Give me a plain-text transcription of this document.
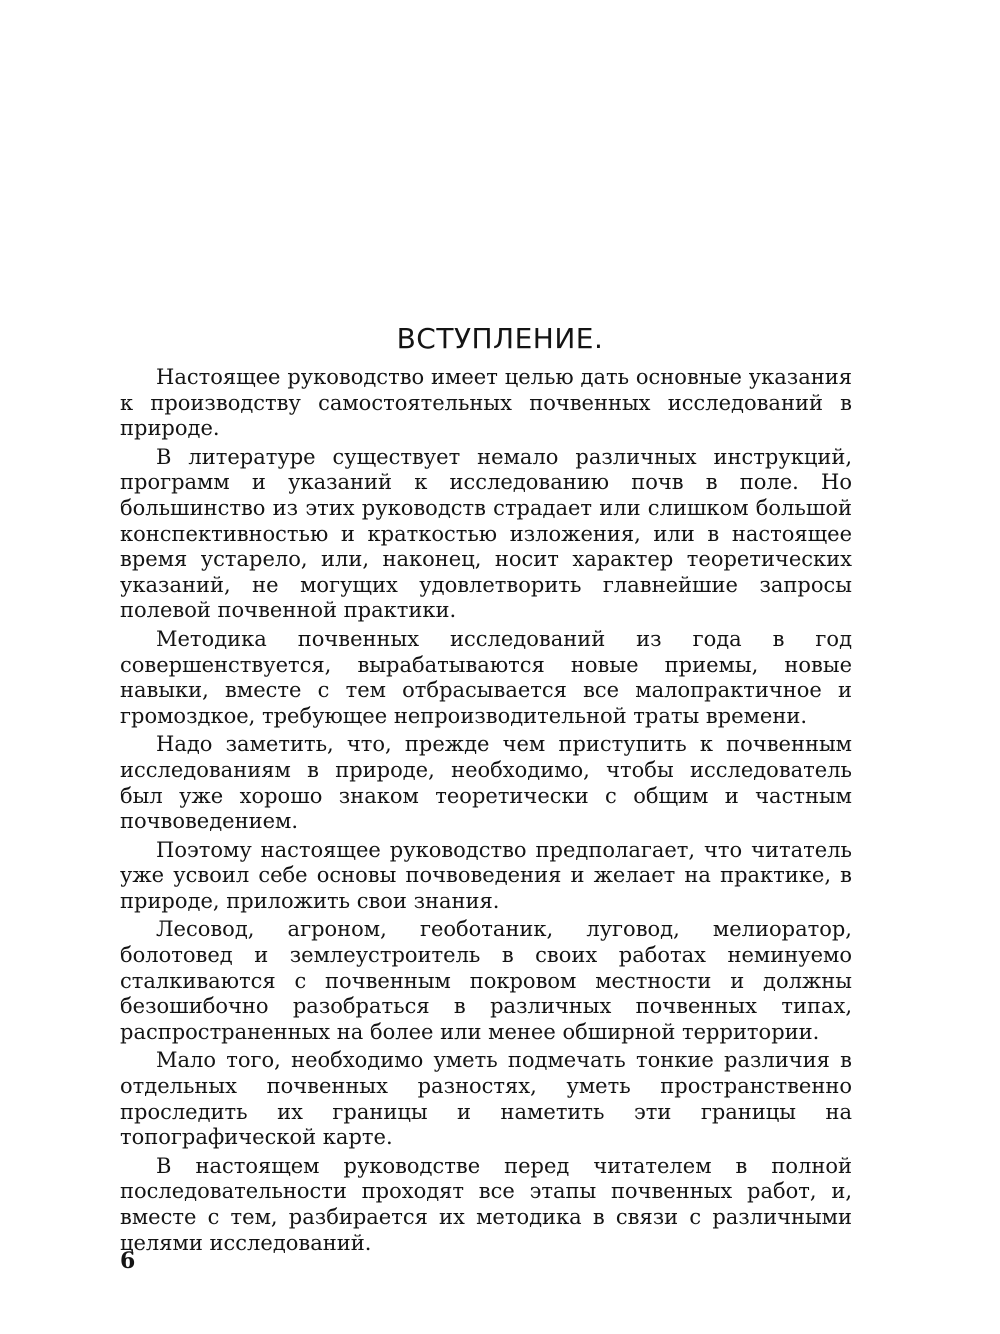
ВСТУПЛЕНИЕ.

Настоящее руководство имеет целью дать основные указания к производству самостоятельных почвенных исследований в природе.

В литературе существует немало различных инструкций, программ и указаний к исследованию почв в поле. Но большинство из этих руководств страдает или слишком большой конспективностью и краткостью изложения, или в настоящее время устарело, или, наконец, носит характер теоретических указаний, не могущих удовлетворить главнейшие запросы полевой почвенной практики.

Методика почвенных исследований из года в год совершенствуется, вырабатываются новые приемы, новые навыки, вместе с тем отбрасывается все малопрактичное и громоздкое, требующее непроизводительной траты времени.

Надо заметить, что, прежде чем приступить к почвенным исследованиям в природе, необходимо, чтобы исследователь был уже хорошо знаком теоретически с общим и частным почвоведением.

Поэтому настоящее руководство предполагает, что читатель уже усвоил себе основы почвоведения и желает на практике, в природе, приложить свои знания.

Лесовод, агроном, геоботаник, луговод, мелиоратор, болотовед и землеустроитель в своих работах неминуемо сталкиваются с почвенным покровом местности и должны безошибочно разобраться в различных почвенных типах, распространенных на более или менее обширной территории.

Мало того, необходимо уметь подмечать тонкие различия в отдельных почвенных разностях, уметь пространственно проследить их границы и наметить эти границы на топографической карте.

В настоящем руководстве перед читателем в полной последовательности проходят все этапы почвенных работ, и, вместе с тем, разбирается их методика в связи с различными целями исследований.

6
